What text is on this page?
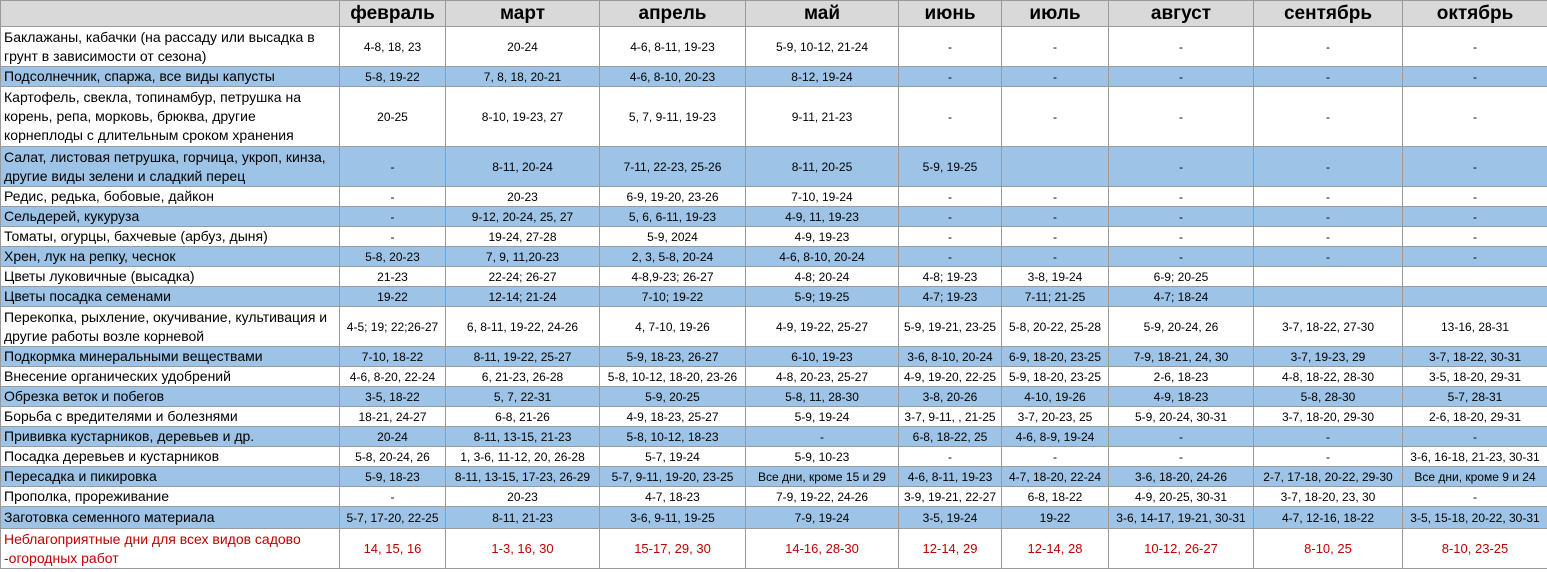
	февраль	март	апрель	май	июнь	июль	август	сентябрь	октябрь
Баклажаны, кабачки (на рассаду или высадка в грунт в зависимости от сезона)	4-8, 18, 23	20-24	4-6, 8-11, 19-23	5-9, 10-12, 21-24	-	-	-	-	-
Подсолнечник, спаржа, все виды капусты	5-8, 19-22	7, 8, 18, 20-21	4-6, 8-10, 20-23	8-12, 19-24	-	-	-	-	-
Картофель, свекла, топинамбур, петрушка на корень, репа, морковь, брюква, другие корнеплоды с длительным сроком хранения	20-25	8-10, 19-23, 27	5, 7, 9-11, 19-23	9-11, 21-23	-	-	-	-	-
Салат, листовая петрушка, горчица, укроп, кинза, другие виды зелени и сладкий перец	-	8-11, 20-24	7-11, 22-23, 25-26	8-11, 20-25	5-9, 19-25		-	-	-
Редис, редька, бобовые, дайкон	-	20-23	6-9, 19-20, 23-26	7-10, 19-24	-	-	-	-	-
Сельдерей, кукуруза	-	9-12, 20-24, 25, 27	5, 6, 6-11, 19-23	4-9, 11, 19-23	-	-	-	-	-
Томаты, огурцы, бахчевые (арбуз, дыня)	-	19-24, 27-28	5-9, 2024	4-9, 19-23	-	-	-	-	-
Хрен, лук на репку, чеснок	5-8, 20-23	7, 9, 11,20-23	2, 3, 5-8, 20-24	4-6, 8-10, 20-24	-	-	-	-	-
Цветы луковичные (высадка)	21-23	22-24; 26-27	4-8,9-23; 26-27	4-8; 20-24	4-8; 19-23	3-8, 19-24	6-9; 20-25		
Цветы посадка семенами	19-22	12-14; 21-24	7-10; 19-22	5-9; 19-25	4-7; 19-23	7-11; 21-25	4-7; 18-24		
Перекопка, рыхление, окучивание, культивация и другие работы возле корневой	4-5; 19; 22;26-27	6, 8-11, 19-22, 24-26	4, 7-10, 19-26	4-9, 19-22, 25-27	5-9, 19-21, 23-25	5-8, 20-22, 25-28	5-9, 20-24, 26	3-7, 18-22, 27-30	13-16, 28-31
Подкормка минеральными веществами	7-10, 18-22	8-11, 19-22, 25-27	5-9, 18-23, 26-27	6-10, 19-23	3-6, 8-10, 20-24	6-9, 18-20, 23-25	7-9, 18-21, 24, 30	3-7, 19-23, 29	3-7, 18-22, 30-31
Внесение органических удобрений	4-6, 8-20, 22-24	6, 21-23, 26-28	5-8, 10-12, 18-20, 23-26	4-8, 20-23, 25-27	4-9, 19-20, 22-25	5-9, 18-20, 23-25	2-6, 18-23	4-8, 18-22, 28-30	3-5, 18-20, 29-31
Обрезка веток и побегов	3-5, 18-22	5, 7, 22-31	5-9, 20-25	5-8, 11, 28-30	3-8, 20-26	4-10, 19-26	4-9, 18-23	5-8, 28-30	5-7, 28-31
Борьба с вредителями и болезнями	18-21, 24-27	6-8, 21-26	4-9, 18-23, 25-27	5-9, 19-24	3-7, 9-11, , 21-25	3-7, 20-23, 25	5-9, 20-24, 30-31	3-7, 18-20, 29-30	2-6, 18-20, 29-31
Прививка кустарников, деревьев и др.	20-24	8-11, 13-15, 21-23	5-8, 10-12, 18-23	-	6-8, 18-22, 25	4-6, 8-9, 19-24	-	-	-
Посадка деревьев и кустарников	5-8, 20-24, 26	1, 3-6, 11-12, 20, 26-28	5-7, 19-24	5-9, 10-23	-	-	-	-	3-6, 16-18, 21-23, 30-31
Пересадка и пикировка	5-9, 18-23	8-11, 13-15, 17-23, 26-29	5-7, 9-11, 19-20, 23-25	Все дни, кроме 15 и 29	4-6, 8-11, 19-23	4-7, 18-20, 22-24	3-6, 18-20, 24-26	2-7, 17-18, 20-22, 29-30	Все дни, кроме 9 и 24
Прополка, прореживание	-	20-23	4-7, 18-23	7-9, 19-22, 24-26	3-9, 19-21, 22-27	6-8, 18-22	4-9, 20-25, 30-31	3-7, 18-20, 23, 30	-
Заготовка семенного материала	5-7, 17-20, 22-25	8-11, 21-23	3-6, 9-11, 19-25	7-9, 19-24	3-5, 19-24	19-22	3-6, 14-17, 19-21, 30-31	4-7, 12-16, 18-22	3-5, 15-18, 20-22, 30-31
Неблагоприятные дни для всех видов садово -огородных работ	14, 15, 16	1-3, 16, 30	15-17, 29, 30	14-16, 28-30	12-14, 29	12-14, 28	10-12, 26-27	8-10, 25	8-10, 23-25
